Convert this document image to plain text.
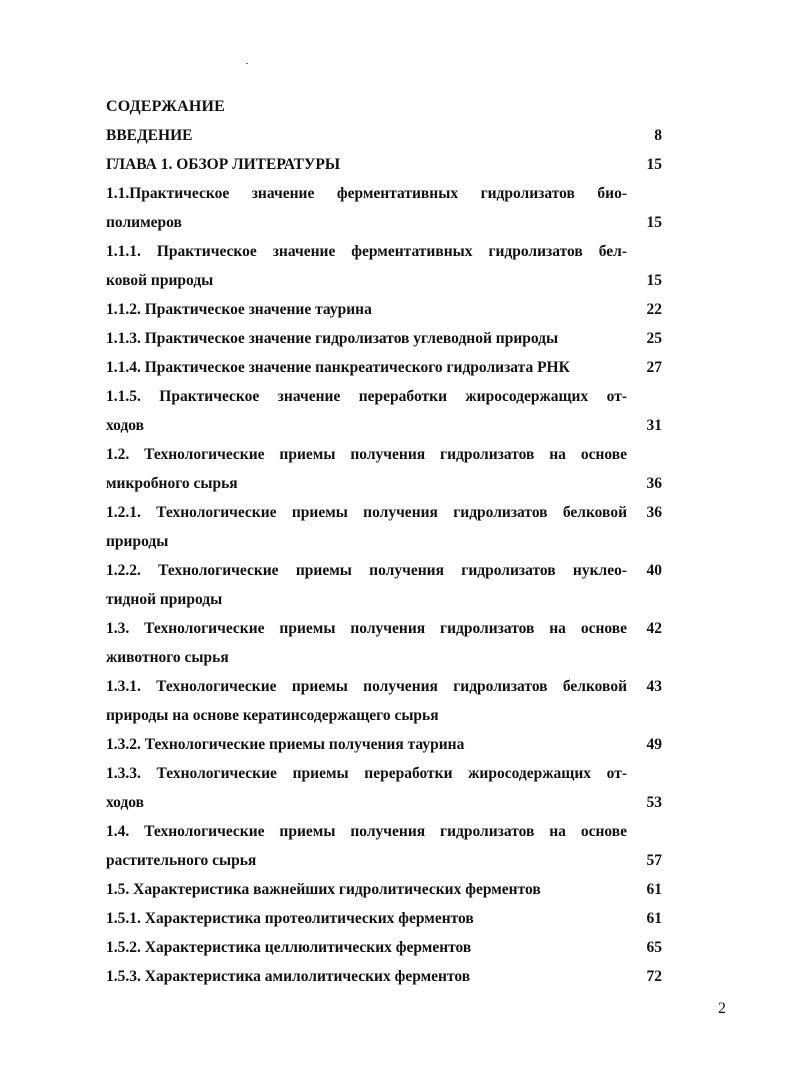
СОДЕРЖАНИЕ
ВВЕДЕНИЕ	8
ГЛАВА 1. ОБЗОР ЛИТЕРАТУРЫ	15
1.1.Практическое значение ферментативных гидролизатов био-
полимеров	15
1.1.1. Практическое значение ферментативных гидролизатов бел-
ковой природы	15
1.1.2. Практическое значение таурина	22
1.1.3. Практическое значение гидролизатов углеводной природы	25
1.1.4. Практическое значение панкреатического гидролизата РНК	27
1.1.5. Практическое значение переработки жиросодержащих от-
ходов	31
1.2. Технологические приемы получения гидролизатов на основе
микробного сырья	36
1.2.1. Технологические приемы получения гидролизатов белковой	36
природы
1.2.2. Технологические приемы получения гидролизатов нуклео-	40
тидной природы
1.3. Технологические приемы получения гидролизатов на основе	42
животного сырья
1.3.1. Технологические приемы получения гидролизатов белковой	43
природы на основе кератинсодержащего сырья
1.3.2. Технологические приемы получения таурина	49
1.3.3. Технологические приемы переработки жиросодержащих от-
ходов	53
1.4. Технологические приемы получения гидролизатов на основе
растительного сырья	57
1.5. Характеристика важнейших гидролитических ферментов	61
1.5.1. Характеристика протеолитических ферментов	61
1.5.2. Характеристика целлюлитических ферментов	65
1.5.3. Характеристика амилолитических ферментов	72
2
